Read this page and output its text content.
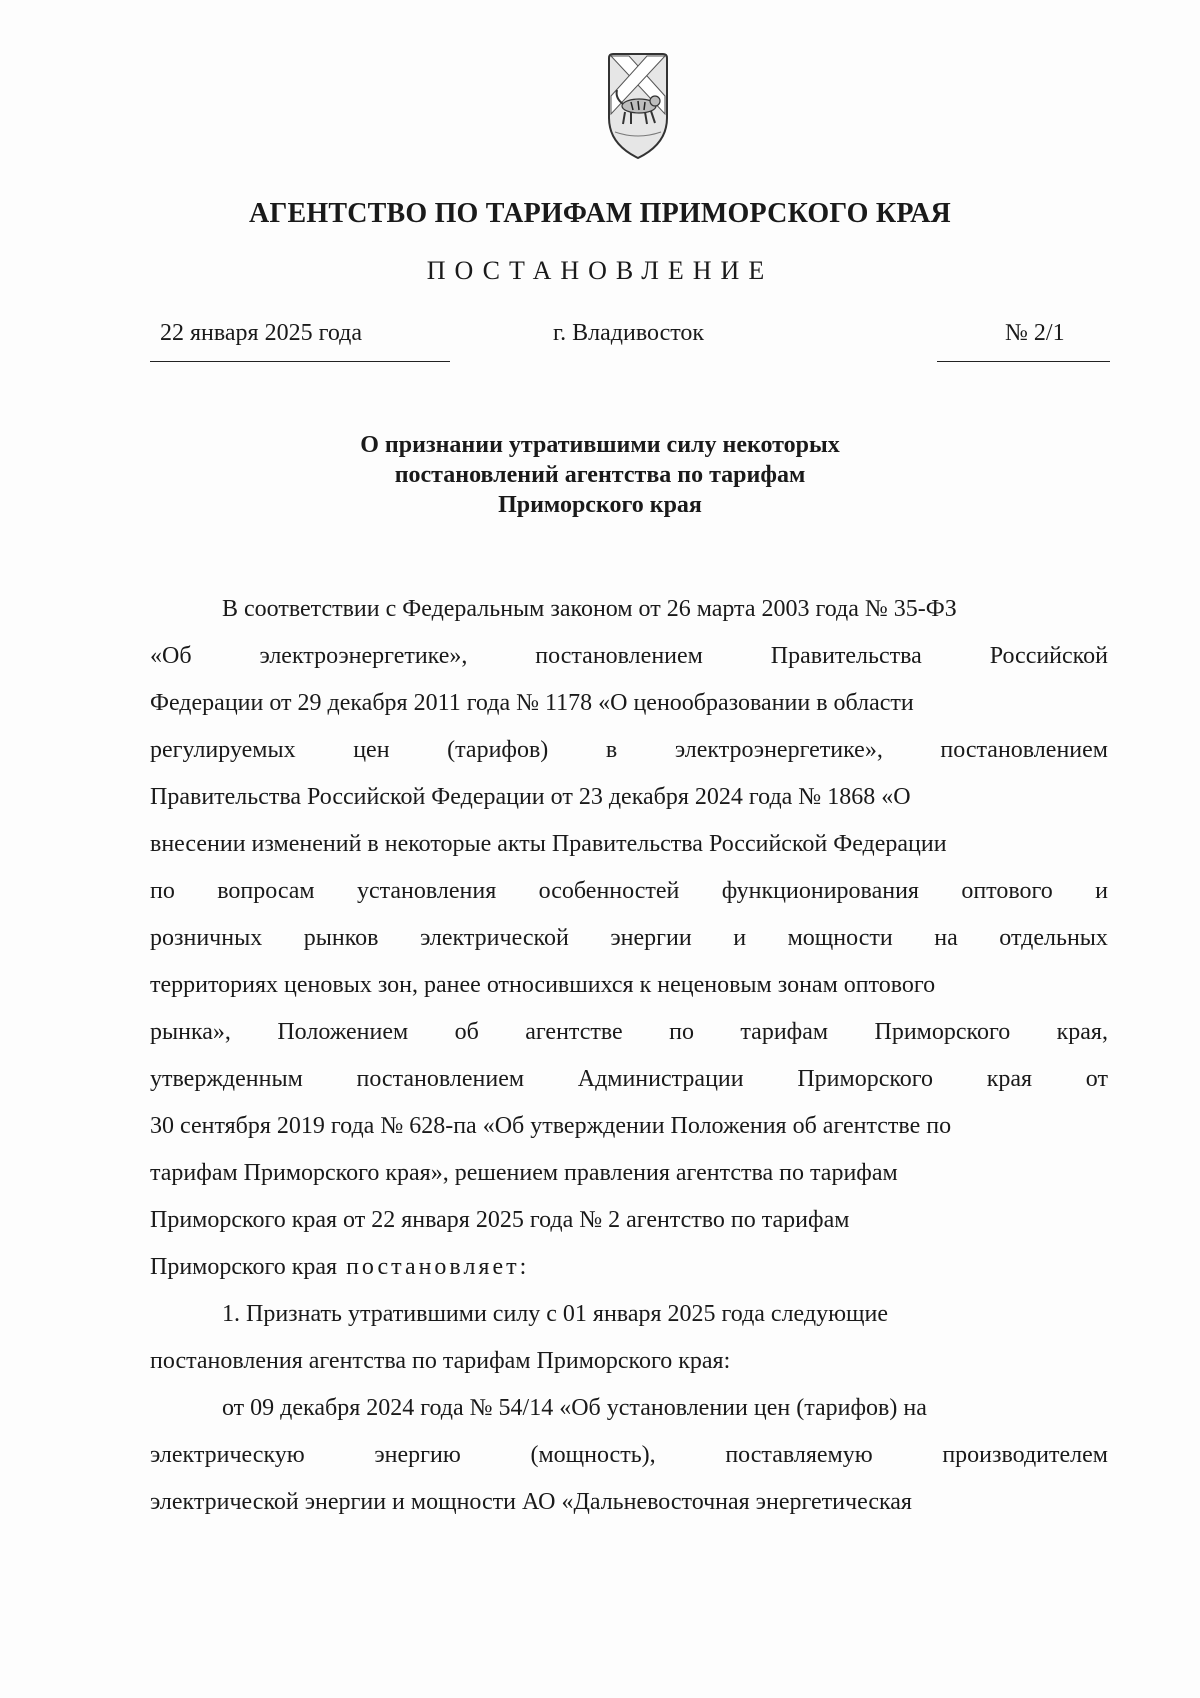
АГЕНТСТВО ПО ТАРИФАМ ПРИМОРСКОГО КРАЯ
ПОСТАНОВЛЕНИЕ
22 января 2025 года	г. Владивосток	№ 2/1
О признании утратившими силу некоторых
постановлений агентства по тарифам
Приморского края
В соответствии с Федеральным законом от 26 марта 2003 года № 35-ФЗ
«Об	электроэнергетике»,	постановлением	Правительства	Российской
Федерации от 29 декабря 2011 года № 1178 «О ценообразовании в области
регулируемых цен (тарифов) в электроэнергетике», постановлением
Правительства Российской Федерации от 23 декабря 2024 года № 1868 «О
внесении изменений в некоторые акты Правительства Российской Федерации
по вопросам установления особенностей функционирования оптового и
розничных рынков электрической энергии и мощности на отдельных
территориях ценовых зон, ранее относившихся к неценовым зонам оптового
рынка», Положением об агентстве по тарифам Приморского края,
утвержденным постановлением Администрации Приморского края от
30 сентября 2019 года № 628-па «Об утверждении Положения об агентстве по
тарифам Приморского края», решением правления агентства по тарифам
Приморского края от 22 января 2025 года № 2 агентство по тарифам
Приморского края постановляет:
1. Признать утратившими силу с 01 января 2025 года следующие
постановления агентства по тарифам Приморского края:
от 09 декабря 2024 года № 54/14 «Об установлении цен (тарифов) на
электрическую	энергию	(мощность),	поставляемую	производителем
электрической энергии и мощности АО «Дальневосточная энергетическая
